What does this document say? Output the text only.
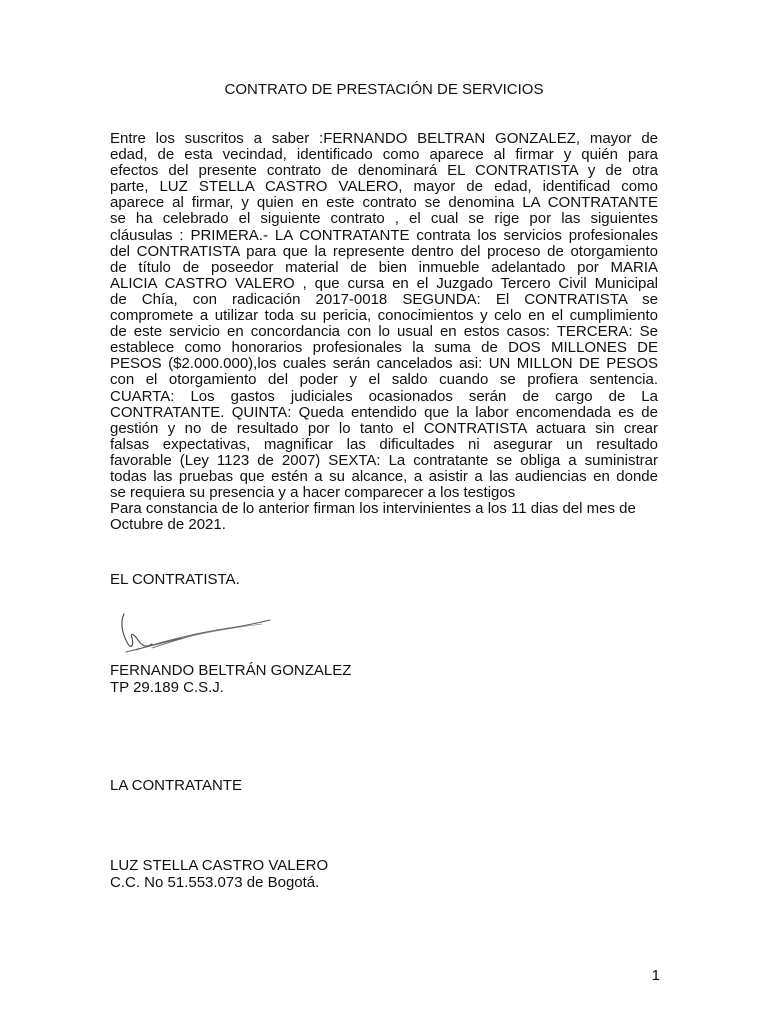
CONTRATO DE PRESTACIÓN DE SERVICIOS
Entre los suscritos a saber :FERNANDO BELTRAN GONZALEZ, mayor de
edad, de esta vecindad, identificado como aparece al firmar y quién para
efectos del presente contrato de denominará EL CONTRATISTA y de otra
parte, LUZ STELLA CASTRO VALERO, mayor de edad, identificad como
aparece al firmar, y quien en este contrato se denomina LA CONTRATANTE
se ha celebrado el siguiente contrato , el cual se rige por las siguientes
cláusulas : PRIMERA.- LA CONTRATANTE contrata los servicios profesionales
del CONTRATISTA para que la represente dentro del proceso de otorgamiento
de título de poseedor material de bien inmueble adelantado por MARIA
ALICIA CASTRO VALERO , que cursa en el Juzgado Tercero Civil Municipal
de Chía, con radicación 2017-0018 SEGUNDA: El CONTRATISTA se
compromete a utilizar toda su pericia, conocimientos y celo en el cumplimiento
de este servicio en concordancia con lo usual en estos casos: TERCERA: Se
establece como honorarios profesionales la suma de DOS MILLONES DE
PESOS ($2.000.000),los cuales serán cancelados asi: UN MILLON DE PESOS
con el otorgamiento del poder y el saldo cuando se profiera sentencia.
CUARTA: Los gastos judiciales ocasionados serán de cargo de La
CONTRATANTE. QUINTA: Queda entendido que la labor encomendada es de
gestión y no de resultado por lo tanto el CONTRATISTA actuara sin crear
falsas expectativas, magnificar las dificultades ni asegurar un resultado
favorable (Ley 1123 de 2007) SEXTA: La contratante se obliga a suministrar
todas las pruebas que estén a su alcance, a asistir a las audiencias en donde
se requiera su presencia y a hacer comparecer a los testigos
Para constancia de lo anterior firman los intervinientes a los 11 dias del mes de
Octubre de 2021.
EL CONTRATISTA.
FERNANDO BELTRÁN GONZALEZ
TP 29.189 C.S.J.
LA CONTRATANTE
LUZ STELLA CASTRO VALERO
C.C. No 51.553.073 de Bogotá.
1
